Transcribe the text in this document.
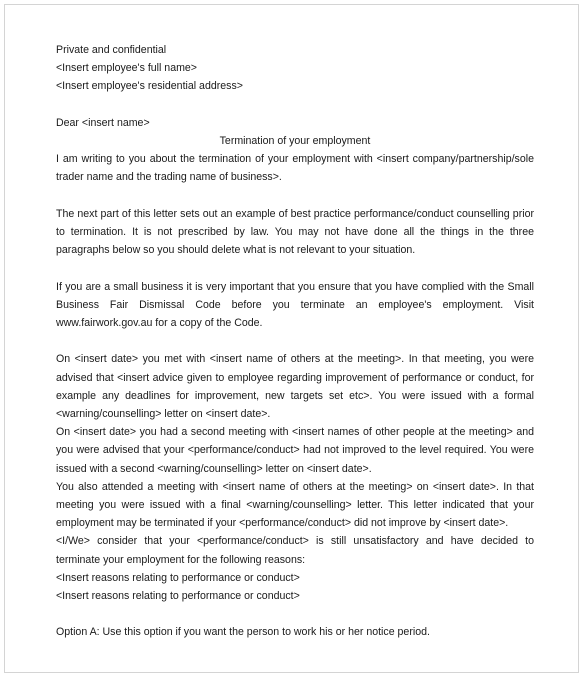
Private and confidential
<Insert employee's full name>
<Insert employee's residential address>
Dear <insert name>
Termination of your employment
I am writing to you about the termination of your employment with <insert company/partnership/sole trader name and the trading name of business>.
The next part of this letter sets out an example of best practice performance/conduct counselling prior to termination. It is not prescribed by law. You may not have done all the things in the three paragraphs below so you should delete what is not relevant to your situation.
If you are a small business it is very important that you ensure that you have complied with the Small Business Fair Dismissal Code before you terminate an employee's employment. Visit www.fairwork.gov.au for a copy of the Code.
On <insert date> you met with <insert name of others at the meeting>. In that meeting, you were advised that <insert advice given to employee regarding improvement of performance or conduct, for example any deadlines for improvement, new targets set etc>. You were issued with a formal <warning/counselling> letter on <insert date>.
On <insert date> you had a second meeting with <insert names of other people at the meeting> and you were advised that your <performance/conduct> had not improved to the level required. You were issued with a second <warning/counselling> letter on <insert date>.
You also attended a meeting with <insert name of others at the meeting> on <insert date>. In that meeting you were issued with a final <warning/counselling> letter. This letter indicated that your employment may be terminated if your <performance/conduct> did not improve by <insert date>.
<I/We> consider that your <performance/conduct> is still unsatisfactory and have decided to terminate your employment for the following reasons:
<Insert reasons relating to performance or conduct>
<Insert reasons relating to performance or conduct>
Option A: Use this option if you want the person to work his or her notice period.
